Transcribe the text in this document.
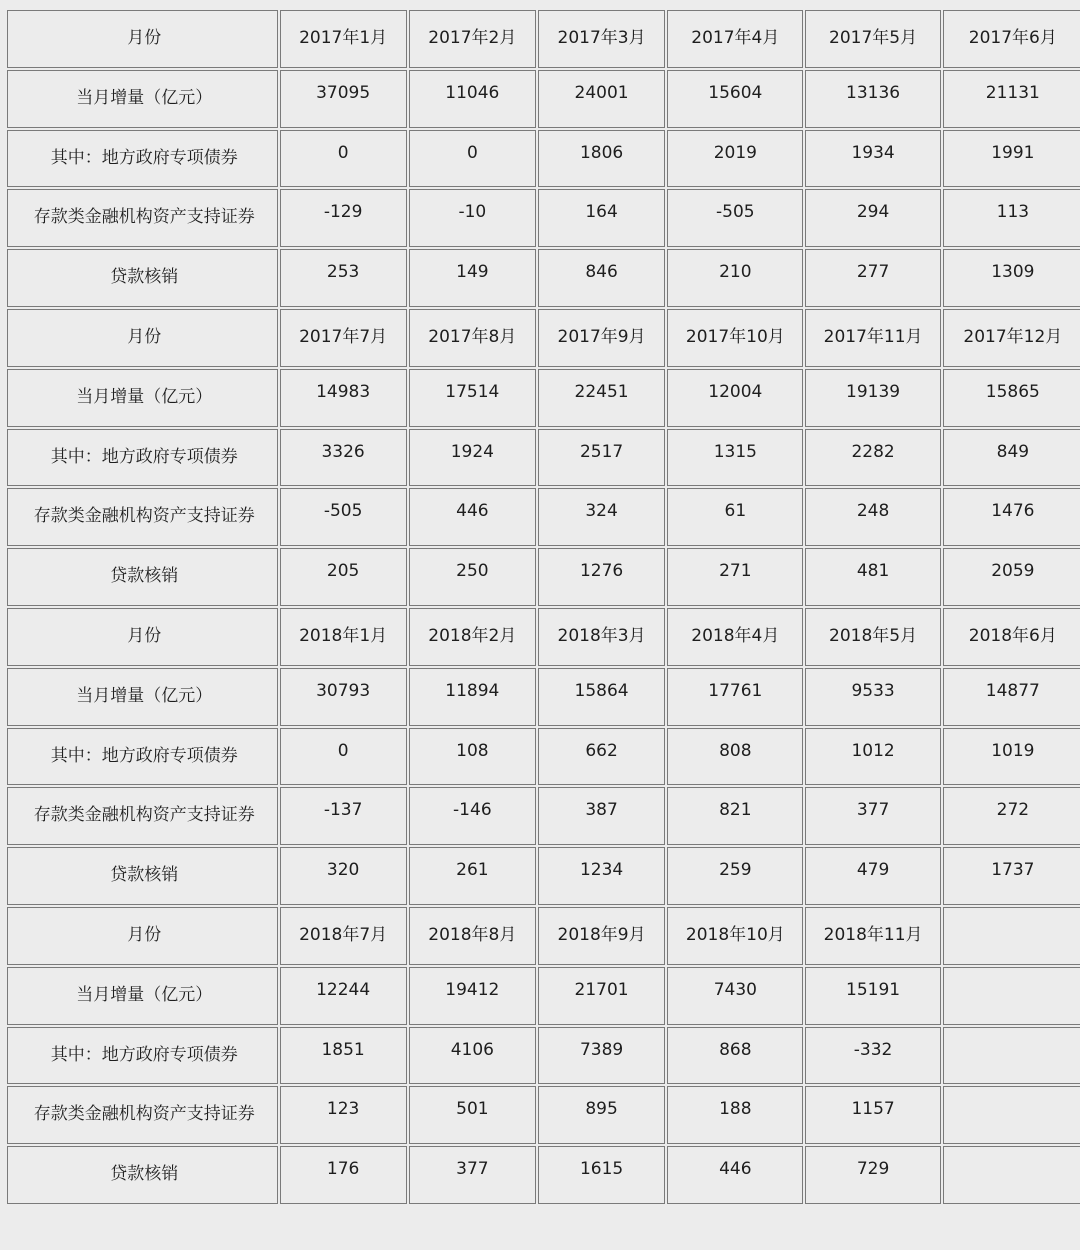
月份	2017年1月	2017年2月	2017年3月	2017年4月	2017年5月	2017年6月
当月增量（亿元）	37095	11046	24001	15604	13136	21131
其中：地方政府专项债券	0	0	1806	2019	1934	1991
存款类金融机构资产支持证券	-129	-10	164	-505	294	113
贷款核销	253	149	846	210	277	1309
月份	2017年7月	2017年8月	2017年9月	2017年10月	2017年11月	2017年12月
当月增量（亿元）	14983	17514	22451	12004	19139	15865
其中：地方政府专项债券	3326	1924	2517	1315	2282	849
存款类金融机构资产支持证券	-505	446	324	61	248	1476
贷款核销	205	250	1276	271	481	2059
月份	2018年1月	2018年2月	2018年3月	2018年4月	2018年5月	2018年6月
当月增量（亿元）	30793	11894	15864	17761	9533	14877
其中：地方政府专项债券	0	108	662	808	1012	1019
存款类金融机构资产支持证券	-137	-146	387	821	377	272
贷款核销	320	261	1234	259	479	1737
月份	2018年7月	2018年8月	2018年9月	2018年10月	2018年11月	
当月增量（亿元）	12244	19412	21701	7430	15191	
其中：地方政府专项债券	1851	4106	7389	868	-332	
存款类金融机构资产支持证券	123	501	895	188	1157	
贷款核销	176	377	1615	446	729	
